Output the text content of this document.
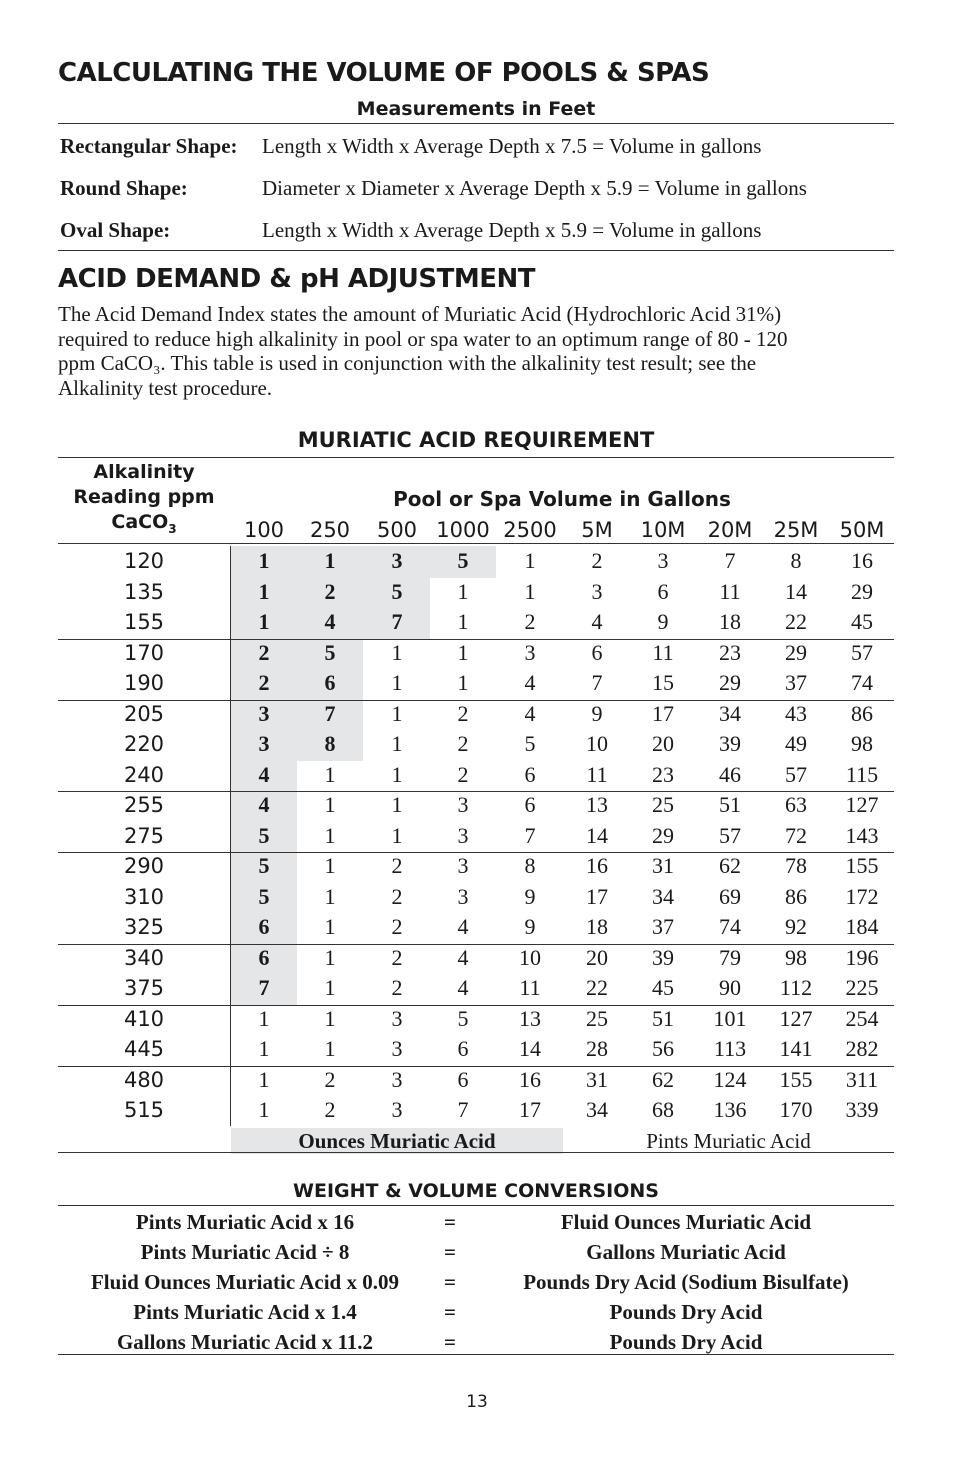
CALCULATING THE VOLUME OF POOLS & SPAS
Measurements in Feet
Rectangular Shape: Length x Width x Average Depth x 7.5 = Volume in gallons
Round Shape:	Diameter x Diameter x Average Depth x 5.9 = Volume in gallons
Oval Shape:	Length x Width x Average Depth x 5.9 = Volume in gallons
ACID DEMAND & pH ADJUSTMENT
The Acid Demand Index states the amount of Muriatic Acid (Hydrochloric Acid 31%)
required to reduce high alkalinity in pool or spa water to an optimum range of 80 - 120
ppm CaCO₃. This table is used in conjunction with the alkalinity test result; see the
Alkalinity test procedure.
MURIATIC ACID REQUIREMENT
Alkalinity
Reading ppm
CaCO$_3$
Pool or Spa Volume in Gallons
100	250	500 1000 2500	5M	10M	20M	25M	50M
120	1	1	3	5	1	2	3	7	8	16
135	1	2	5	1	1	3	6	11	14	29
155	1	4	7	1	2	4	9	18	22	45
170	2	5	1	1	3	6	11	23	29	57
190	2	6	1	1	4	7	15	29	37	74
205	3	7	1	2	4	9	17	34	43	86
220	3	8	1	2	5	10	20	39	49	98
240	4	1	1	2	6	11	23	46	57	115
255	4	1	1	3	6	13	25	51	63	127
275	5	1	1	3	7	14	29	57	72	143
290	5	1	2	3	8	16	31	62	78	155
310	5	1	2	3	9	17	34	69	86	172
325	6	1	2	4	9	18	37	74	92	184
340	6	1	2	4	10	20	39	79	98	196
375	7	1	2	4	11	22	45	90	112	225
410	1	1	3	5	13	25	51	101	127	254
445	1	1	3	6	14	28	56	113	141	282
480	1	2	3	6	16	31	62	124	155	311
515	1	2	3	7	17	34	68	136	170	339
Ounces Muriatic Acid	Pints Muriatic Acid
WEIGHT & VOLUME CONVERSIONS
Pints Muriatic Acid x 16	=	Fluid Ounces Muriatic Acid
Pints Muriatic Acid ÷ 8	=	Gallons Muriatic Acid
Fluid Ounces Muriatic Acid x 0.09	=	Pounds Dry Acid (Sodium Bisulfate)
Pints Muriatic Acid x 1.4	=	Pounds Dry Acid
Gallons Muriatic Acid x 11.2	=	Pounds Dry Acid
13
